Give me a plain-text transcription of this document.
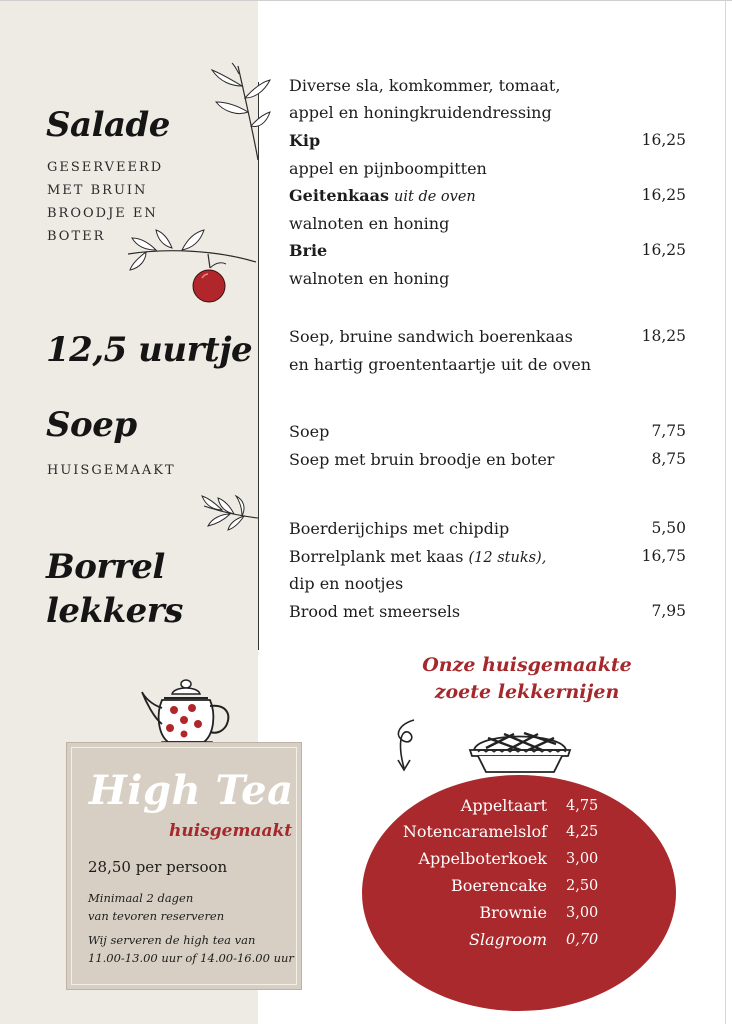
Salade
GESERVEERD
MET BRUIN
BROODJE EN
BOTER
12,5 uurtje
Soep
HUISGEMAAKT
Borrel
lekkers
Diverse sla, komkommer, tomaat,
appel en honingkruidendressing
Kip	16,25
appel en pijnboompitten
Geitenkaas uit de oven	16,25
walnoten en honing
Brie	16,25
walnoten en honing
Soep, bruine sandwich boerenkaas	18,25
en hartig groententaartje uit de oven
Soep	7,75
Soep met bruin broodje en boter	8,75
Boerderijchips met chipdip	5,50
Borrelplank met kaas (12 stuks),	16,75
dip en nootjes
Brood met smeersels	7,95
High Tea
huisgemaakt
28,50 per persoon
Minimaal 2 dagen
van tevoren reserveren
Wij serveren de high tea van
11.00-13.00 uur of 14.00-16.00 uur
Onze huisgemaakte
zoete lekkernijen
Appeltaart 4,75
Notencaramelslof 4,25
Appelboterkoek 3,00
Boerencake 2,50
Brownie 3,00
Slagroom 0,70
